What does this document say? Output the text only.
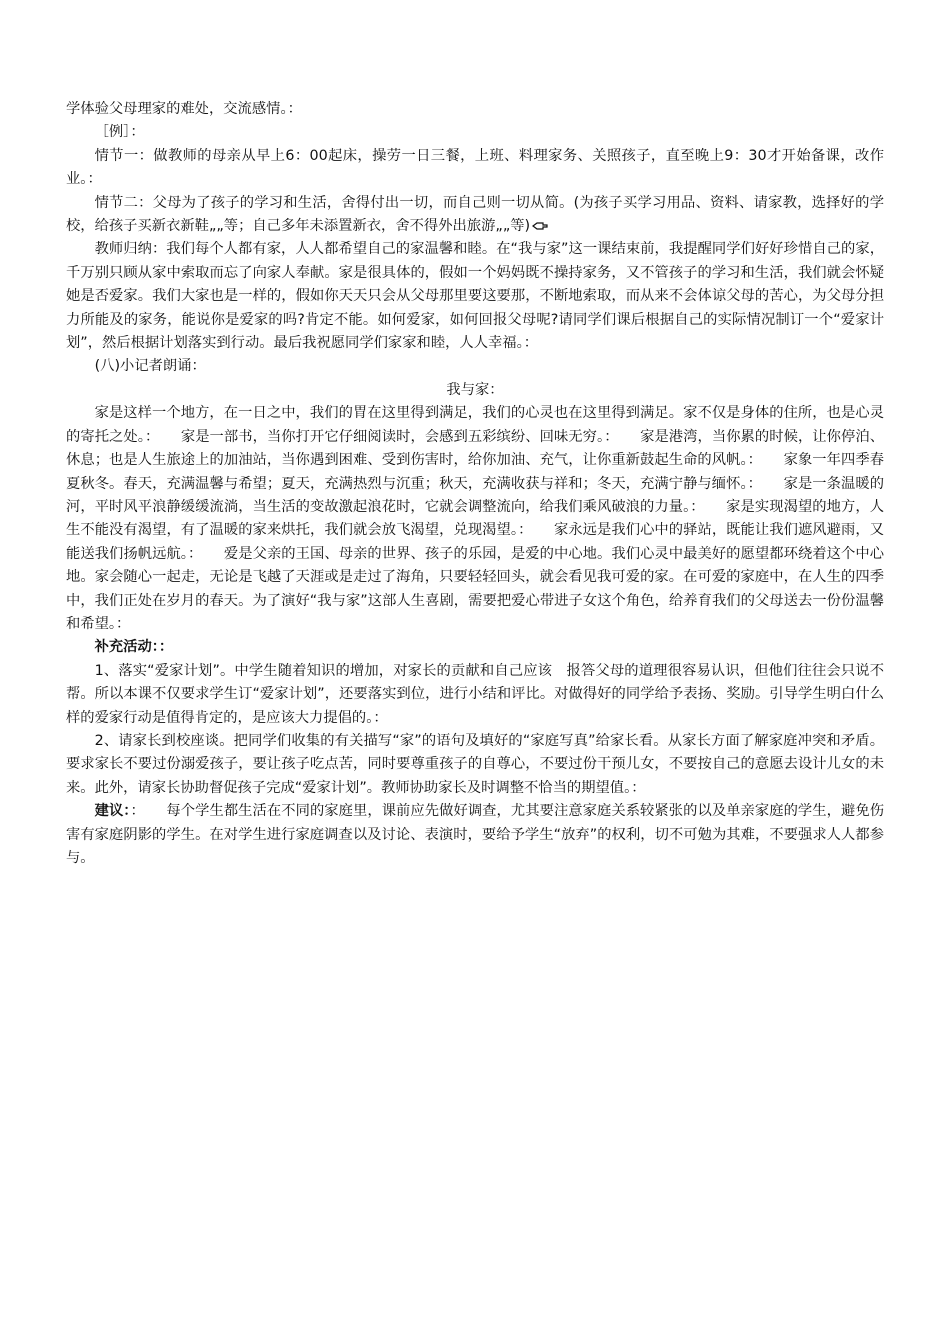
学体验父母理家的难处，交流感情。：

［例］：

情节一：做教师的母亲从早上6：00起床，操劳一日三餐，上班、料理家务、关照孩子，直至晚上9：30才开始备课，改作业。：

情节二：父母为了孩子的学习和生活，舍得付出一切，而自己则一切从简。(为孩子买学习用品、资料、请家教，选择好的学校，给孩子买新衣新鞋„„等；自己多年未添置新衣，舍不得外出旅游„„等)

教师归纳：我们每个人都有家，人人都希望自己的家温馨和睦。在“我与家”这一课结束前，我提醒同学们好好珍惜自己的家，千万别只顾从家中索取而忘了向家人奉献。家是很具体的，假如一个妈妈既不操持家务，又不管孩子的学习和生活，我们就会怀疑她是否爱家。我们大家也是一样的，假如你天天只会从父母那里要这要那，不断地索取，而从来不会体谅父母的苦心，为父母分担力所能及的家务，能说你是爱家的吗?肯定不能。如何爱家，如何回报父母呢?请同学们课后根据自己的实际情况制订一个“爱家计划”，然后根据计划落实到行动。最后我祝愿同学们家家和睦，人人幸福。：

(八)小记者朗诵：

我与家：

家是这样一个地方，在一日之中，我们的胃在这里得到满足，我们的心灵也在这里得到满足。家不仅是身体的住所，也是心灵的寄托之处。：　　家是一部书，当你打开它仔细阅读时，会感到五彩缤纷、回味无穷。：　　家是港湾，当你累的时候，让你停泊、休息；也是人生旅途上的加油站，当你遇到困难、受到伤害时，给你加油、充气，让你重新鼓起生命的风帆。：　　家象一年四季春夏秋冬。春天，充满温馨与希望；夏天，充满热烈与沉重；秋天，充满收获与祥和；冬天，充满宁静与缅怀。：　　家是一条温暖的河，平时风平浪静缓缓流淌，当生活的变故激起浪花时，它就会调整流向，给我们乘风破浪的力量。：　　家是实现渴望的地方，人生不能没有渴望，有了温暖的家来烘托，我们就会放飞渴望，兑现渴望。：　　家永远是我们心中的驿站，既能让我们遮风避雨，又能送我们扬帆远航。：　　爱是父亲的王国、母亲的世界、孩子的乐园，是爱的中心地。我们心灵中最美好的愿望都环绕着这个中心地。家会随心一起走，无论是飞越了天涯或是走过了海角，只要轻轻回头，就会看见我可爱的家。在可爱的家庭中，在人生的四季中，我们正处在岁月的春天。为了演好“我与家”这部人生喜剧，需要把爱心带进子女这个角色，给养育我们的父母送去一份份温馨和希望。：

补充活动：：

1、落实“爱家计划”。中学生随着知识的增加，对家长的贡献和自己应该　报答父母的道理很容易认识，但他们往往会只说不帮。所以本课不仅要求学生订“爱家计划”，还要落实到位，进行小结和评比。对做得好的同学给予表扬、奖励。引导学生明白什么样的爱家行动是值得肯定的，是应该大力提倡的。：

2、请家长到校座谈。把同学们收集的有关描写“家”的语句及填好的“家庭写真”给家长看。从家长方面了解家庭冲突和矛盾。要求家长不要过份溺爱孩子，要让孩子吃点苦，同时要尊重孩子的自尊心，不要过份干预儿女，不要按自己的意愿去设计儿女的未来。此外，请家长协助督促孩子完成“爱家计划”。教师协助家长及时调整不恰当的期望值。：

建议：：　　每个学生都生活在不同的家庭里，课前应先做好调查，尤其要注意家庭关系较紧张的以及单亲家庭的学生，避免伤害有家庭阴影的学生。在对学生进行家庭调查以及讨论、表演时，要给予学生“放弃”的权利，切不可勉为其难，不要强求人人都参与。
